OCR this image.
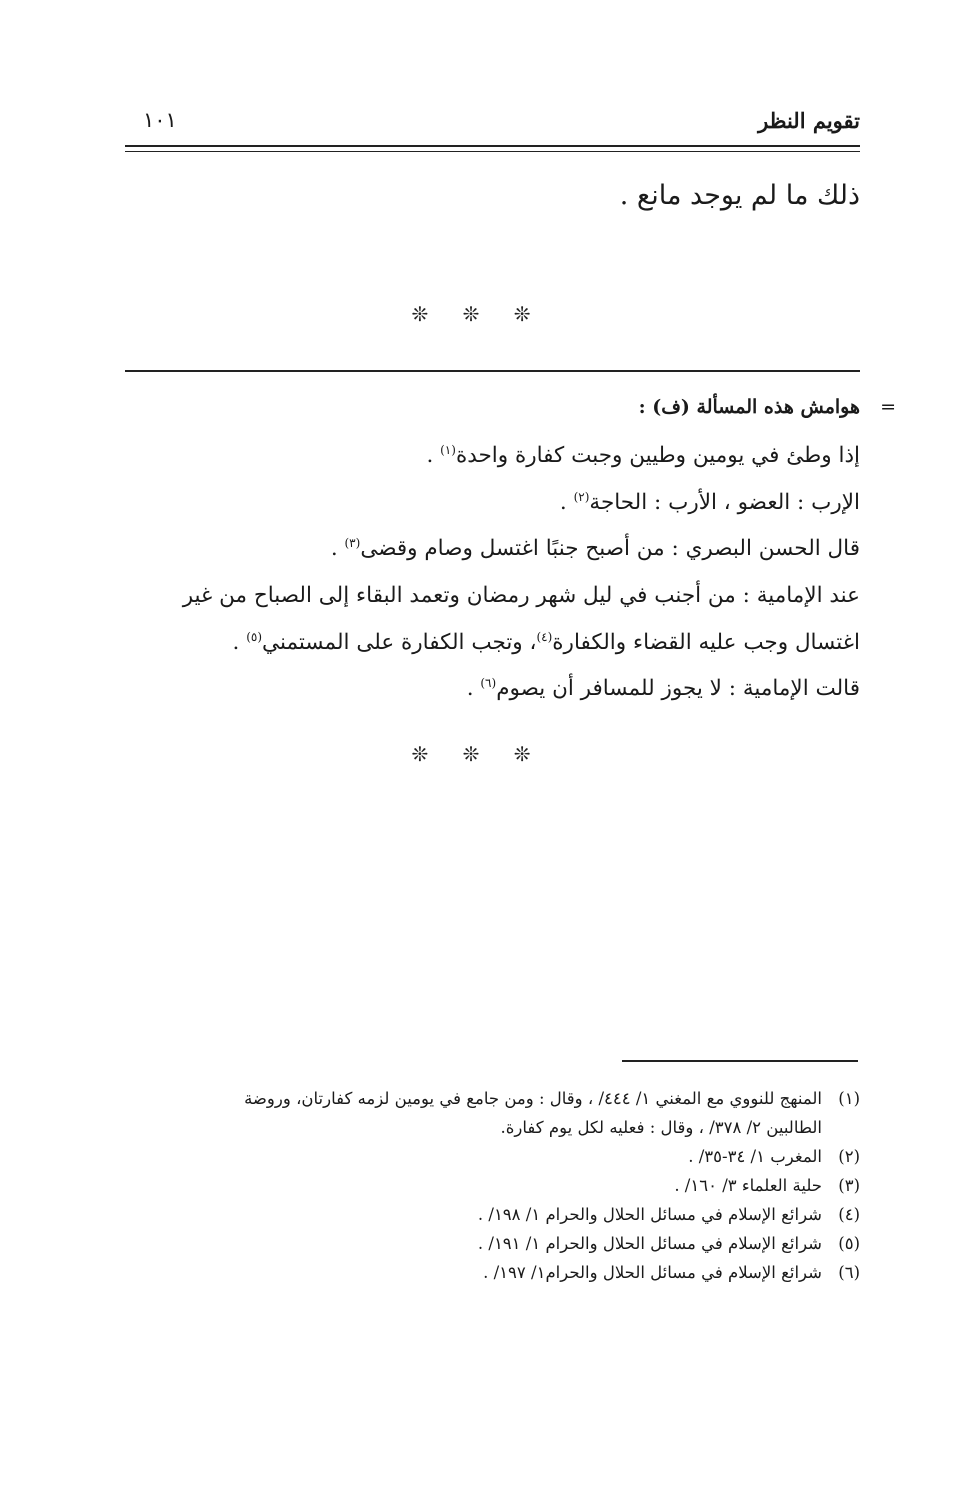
تقويم النظر
١٠١
ذلك ما لم يوجد مانع .
❊ ❊ ❊
=
هوامش هذه المسألة (ف) :
إذا وطئ في يومين وطيين وجبت كفارة واحدة$^{(١)}$ .
الإرب : العضو ، الأرب : الحاجة$^{(٢)}$ .
قال الحسن البصري : من أصبح جنبًا اغتسل وصام وقضى$^{(٣)}$ .
عند الإمامية : من أجنب في ليل شهر رمضان وتعمد البقاء إلى الصباح من غير
اغتسال وجب عليه القضاء والكفارة$^{(٤)}$، وتجب الكفارة على المستمني$^{(٥)}$ .
قالت الإمامية : لا يجوز للمسافر أن يصوم$^{(٦)}$ .
❊ ❊ ❊
(١)المنهج للنووي مع المغني ١/ ٤٤٤/ ، وقال : ومن جامع في يومين لزمه كفارتان، وروضة
الطالبين ٢/ ٣٧٨/ ، وقال : فعليه لكل يوم كفارة.
(٢)المغرب ١/ ٣٤-٣٥/ .
(٣)حلية العلماء ٣/ ١٦٠/ .
(٤)شرائع الإسلام في مسائل الحلال والحرام ١/ ١٩٨/ .
(٥)شرائع الإسلام في مسائل الحلال والحرام ١/ ١٩١/ .
(٦)شرائع الإسلام في مسائل الحلال والحرام١/ ١٩٧/ .
